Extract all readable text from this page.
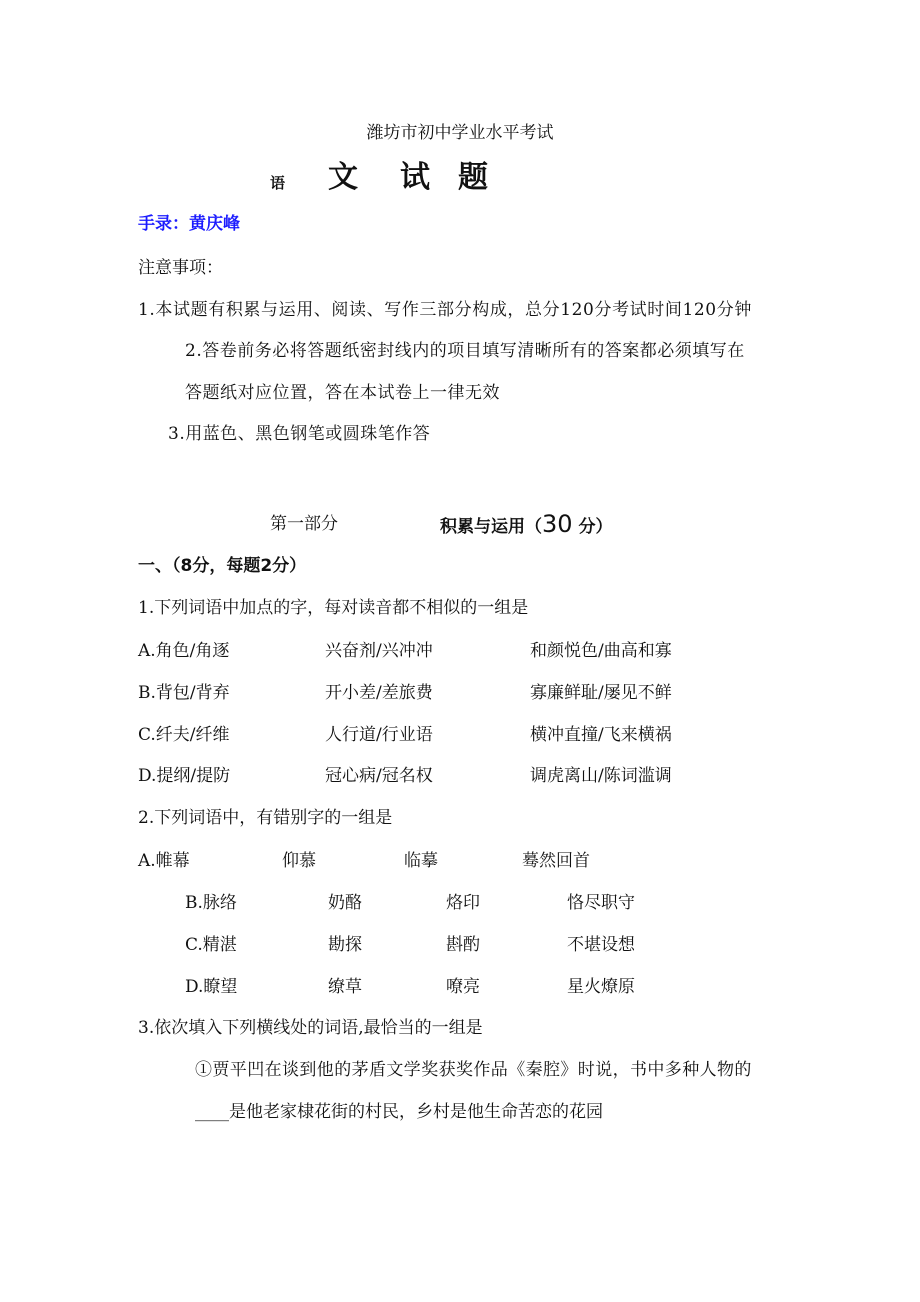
潍坊市初中学业水平考试
语 文 试 题
手录：黄庆峰
注意事项：
1.本试题有积累与运用、阅读、写作三部分构成，总分120分考试时间120分钟
2.答卷前务必将答题纸密封线内的项目填写清晰所有的答案都必须填写在
答题纸对应位置，答在本试卷上一律无效
3.用蓝色、黑色钢笔或圆珠笔作答
第一部分	积累与运用（30 分）
一、（8分，每题2分）
1.下列词语中加点的字，每对读音都不相似的一组是
A.角色/角逐	兴奋剂/兴冲冲	和颜悦色/曲高和寡
B.背包/背弃	开小差/差旅费	寡廉鲜耻/屡见不鲜
C.纤夫/纤维	人行道/行业语	横冲直撞/飞来横祸
D.提纲/提防	冠心病/冠名权	调虎离山/陈词滥调
2.下列词语中，有错别字的一组是
A.帷幕	仰慕	临摹	蓦然回首
B.脉络	奶酪	烙印	恪尽职守
C.精湛	勘探	斟酌	不堪设想
D.瞭望	缭草	嘹亮	星火燎原
3.依次填入下列横线处的词语,最恰当的一组是
①贾平凹在谈到他的茅盾文学奖获奖作品《秦腔》时说，书中多种人物的
____是他老家棣花街的村民，乡村是他生命苦恋的花园
